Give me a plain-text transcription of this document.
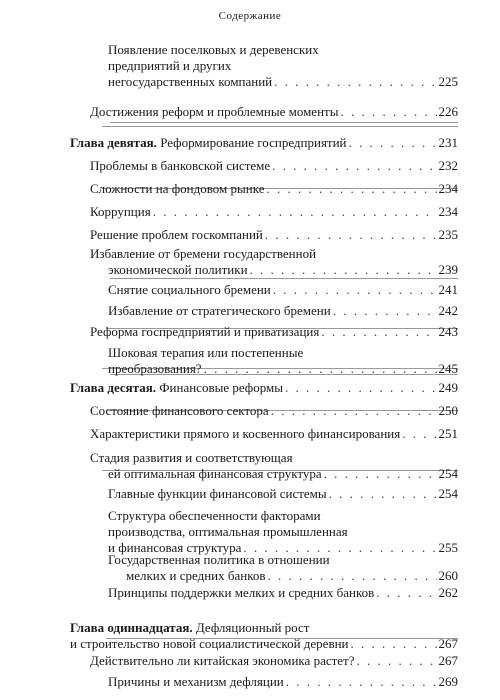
Содержание
Появление поселковых и деревенских
предприятий и других
негосударственных компаний . . .	225
Достижения реформ и проблемные моменты . . .	226
Глава девятая. Реформирование госпредприятий . . .	231
Проблемы в банковской системе . . .	232
Сложности на фондовом рынке . . .	234
Коррупция . . .	234
Решение проблем госкомпаний . . .	235
Избавление от бремени государственной
экономической политики . . .	239
Снятие социального бремени . . .	241
Избавление от стратегического бремени . . .	242
Реформа госпредприятий и приватизация . . .	243
Шоковая терапия или постепенные
преобразования? . . .	245
Глава десятая. Финансовые реформы . . .	249
Состояние финансового сектора . . .	250
Характеристики прямого и косвенного финансирования . . .	251
Стадия развития и соответствующая
ей оптимальная финансовая структура . . .	254
Главные функции финансовой системы . . .	254
Структура обеспеченности факторами
производства, оптимальная промышленная
и финансовая структура . . .	255
Государственная политика в отношении
мелких и средних банков . . .	260
Принципы поддержки мелких и средних банков . . .	262
Глава одиннадцатая. Дефляционный рост
и строительство новой социалистической деревни . . .	267
Действительно ли китайская экономика растет? . . .	267
Причины и механизм дефляции . . .	269
